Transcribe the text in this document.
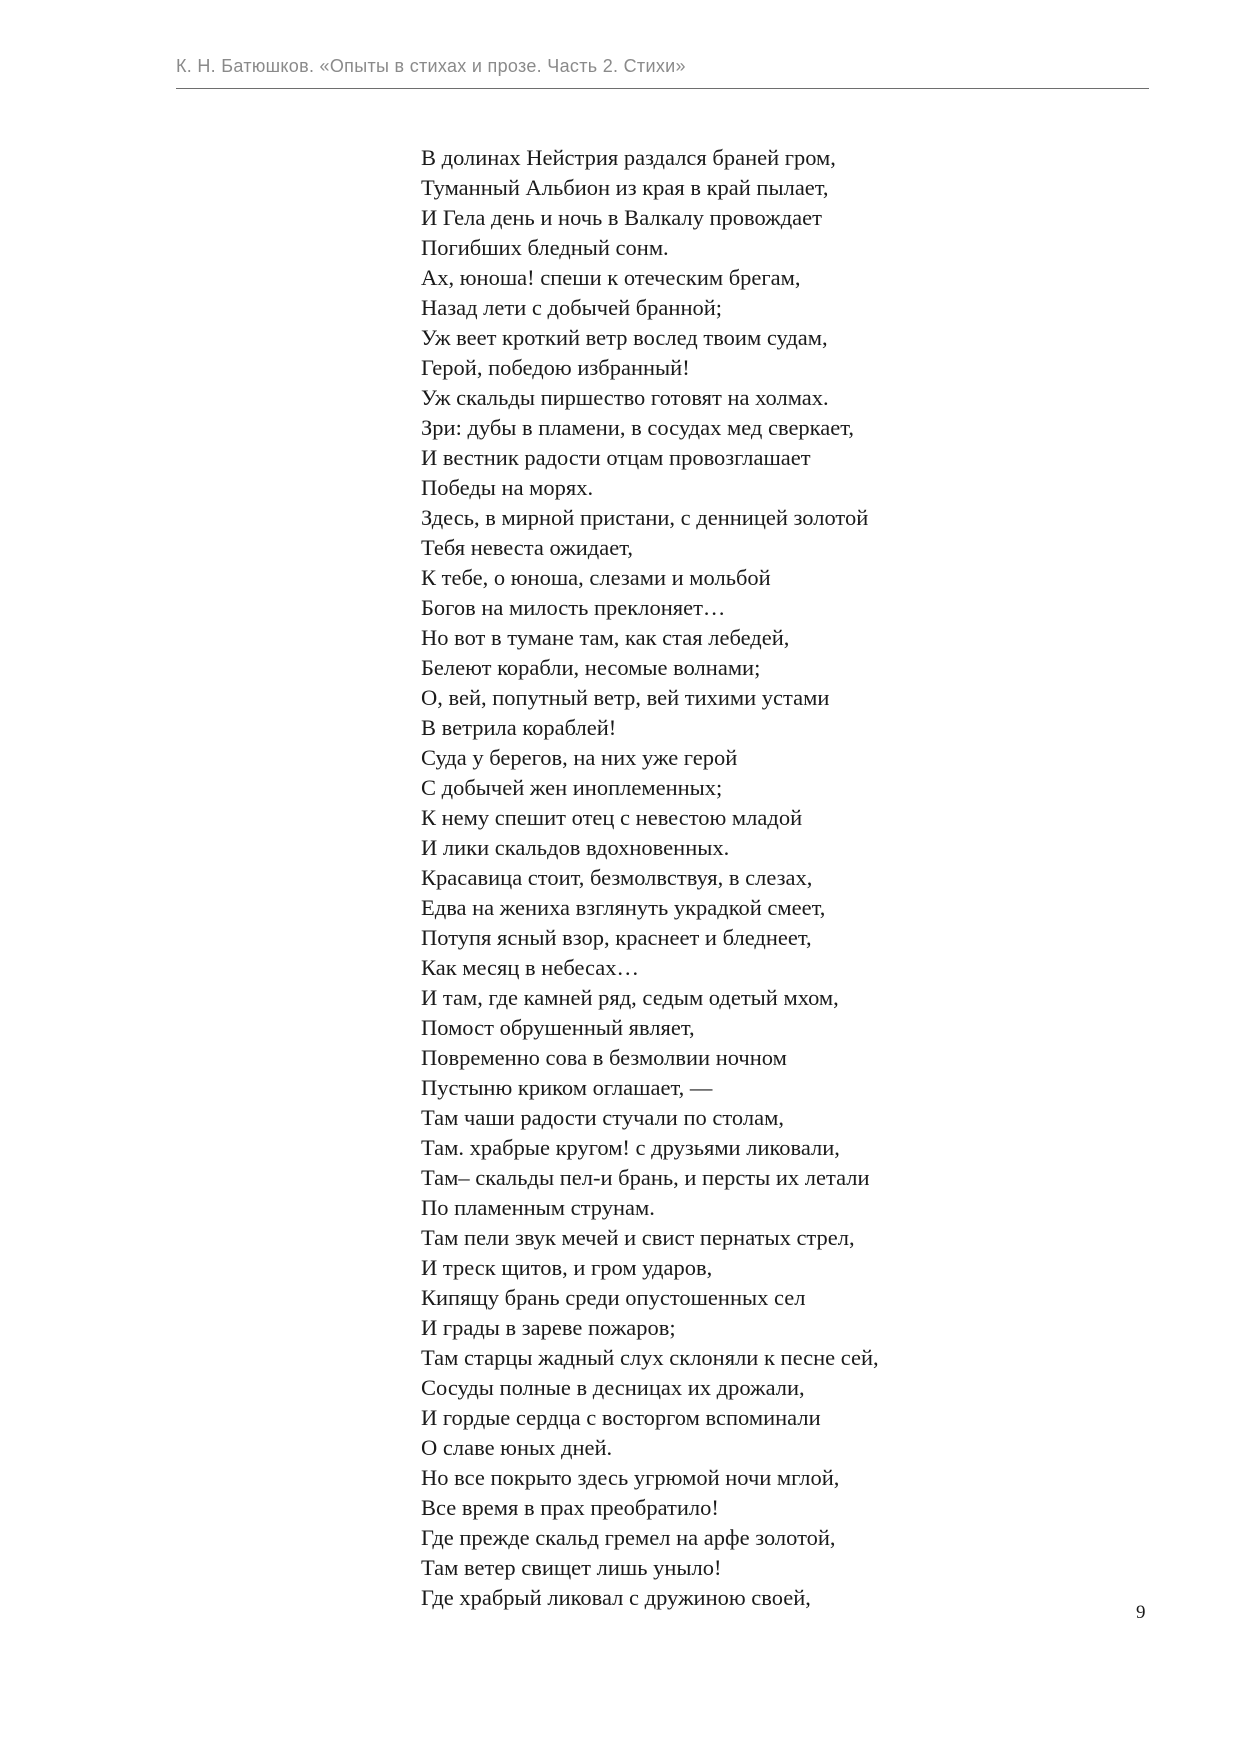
К. Н. Батюшков. «Опыты в стихах и прозе. Часть 2. Стихи»
В долинах Нейстрия раздался браней гром,
Туманный Альбион из края в край пылает,
И Гела день и ночь в Валкалу провождает
Погибших бледный сонм.
Ах, юноша! спеши к отеческим брегам,
Назад лети с добычей бранной;
Уж веет кроткий ветр вослед твоим судам,
Герой, победою избранный!
Уж скальды пиршество готовят на холмах.
Зри: дубы в пламени, в сосудах мед сверкает,
И вестник радости отцам провозглашает
Победы на морях.
Здесь, в мирной пристани, с денницей золотой
Тебя невеста ожидает,
К тебе, о юноша, слезами и мольбой
Богов на милость преклоняет…
Но вот в тумане там, как стая лебедей,
Белеют корабли, несомые волнами;
О, вей, попутный ветр, вей тихими устами
В ветрила кораблей!
Суда у берегов, на них уже герой
С добычей жен иноплеменных;
К нему спешит отец с невестою младой
И лики скальдов вдохновенных.
Красавица стоит, безмолвствуя, в слезах,
Едва на жениха взглянуть украдкой смеет,
Потупя ясный взор, краснеет и бледнеет,
Как месяц в небесах…
И там, где камней ряд, седым одетый мхом,
Помост обрушенный являет,
Повременно сова в безмолвии ночном
Пустыню криком оглашает, —
Там чаши радости стучали по столам,
Там. храбрые кругом! с друзьями ликовали,
Там– скальды пел-и брань, и персты их летали
По пламенным струнам.
Там пели звук мечей и свист пернатых стрел,
И треск щитов, и гром ударов,
Кипящу брань среди опустошенных сел
И грады в зареве пожаров;
Там старцы жадный слух склоняли к песне сей,
Сосуды полные в десницах их дрожали,
И гордые сердца с восторгом вспоминали
О славе юных дней.
Но все покрыто здесь угрюмой ночи мглой,
Все время в прах преобратило!
Где прежде скальд гремел на арфе золотой,
Там ветер свищет лишь уныло!
Где храбрый ликовал с дружиною своей,
9
